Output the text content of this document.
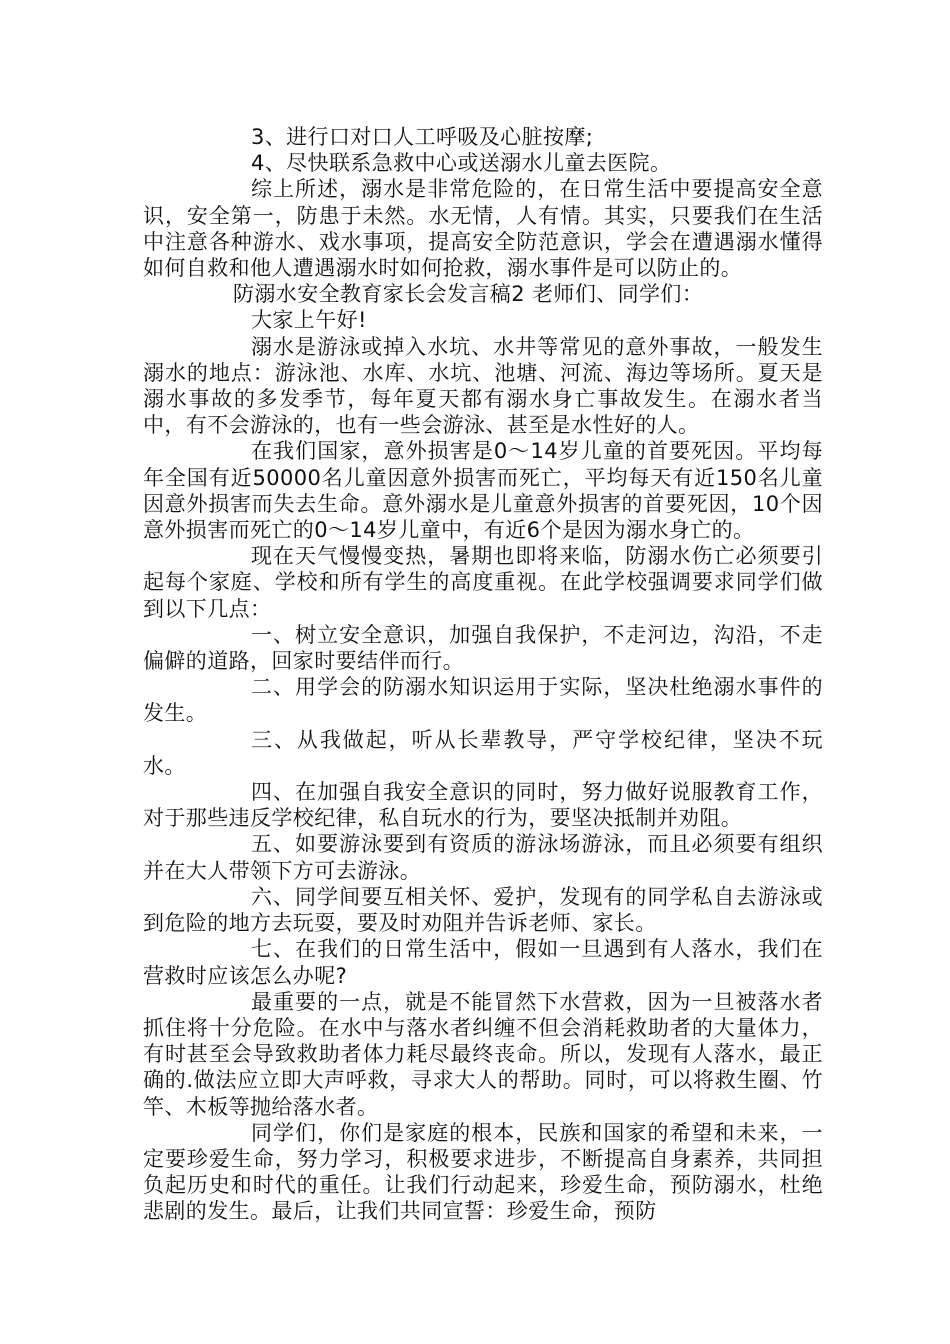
3、进行口对口人工呼吸及心脏按摩;

4、尽快联系急救中心或送溺水儿童去医院。

综上所述，溺水是非常危险的，在日常生活中要提高安全意识，安全第一，防患于未然。水无情，人有情。其实，只要我们在生活中注意各种游水、戏水事项，提高安全防范意识，学会在遭遇溺水懂得如何自救和他人遭遇溺水时如何抢救，溺水事件是可以防止的。

防溺水安全教育家长会发言稿2 老师们、同学们：

大家上午好!

溺水是游泳或掉入水坑、水井等常见的意外事故，一般发生溺水的地点：游泳池、水库、水坑、池塘、河流、海边等场所。夏天是溺水事故的多发季节，每年夏天都有溺水身亡事故发生。在溺水者当中，有不会游泳的，也有一些会游泳、甚至是水性好的人。

在我们国家，意外损害是0～14岁儿童的首要死因。平均每年全国有近50000名儿童因意外损害而死亡，平均每天有近150名儿童因意外损害而失去生命。意外溺水是儿童意外损害的首要死因，10个因意外损害而死亡的0～14岁儿童中，有近6个是因为溺水身亡的。

现在天气慢慢变热，暑期也即将来临，防溺水伤亡必须要引起每个家庭、学校和所有学生的高度重视。在此学校强调要求同学们做到以下几点：

一、树立安全意识，加强自我保护，不走河边，沟沿，不走偏僻的道路，回家时要结伴而行。

二、用学会的防溺水知识运用于实际，坚决杜绝溺水事件的发生。

三、从我做起，听从长辈教导，严守学校纪律，坚决不玩水。

四、在加强自我安全意识的同时，努力做好说服教育工作，对于那些违反学校纪律，私自玩水的行为，要坚决抵制并劝阻。

五、如要游泳要到有资质的游泳场游泳，而且必须要有组织并在大人带领下方可去游泳。

六、同学间要互相关怀、爱护，发现有的同学私自去游泳或到危险的地方去玩耍，要及时劝阻并告诉老师、家长。

七、在我们的日常生活中，假如一旦遇到有人落水，我们在营救时应该怎么办呢?

最重要的一点，就是不能冒然下水营救，因为一旦被落水者抓住将十分危险。在水中与落水者纠缠不但会消耗救助者的大量体力，有时甚至会导致救助者体力耗尽最终丧命。所以，发现有人落水，最正确的.做法应立即大声呼救，寻求大人的帮助。同时，可以将救生圈、竹竿、木板等抛给落水者。

同学们，你们是家庭的根本，民族和国家的希望和未来，一定要珍爱生命，努力学习，积极要求进步，不断提高自身素养，共同担负起历史和时代的重任。让我们行动起来，珍爱生命，预防溺水，杜绝悲剧的发生。最后，让我们共同宣誓：珍爱生命，预防
